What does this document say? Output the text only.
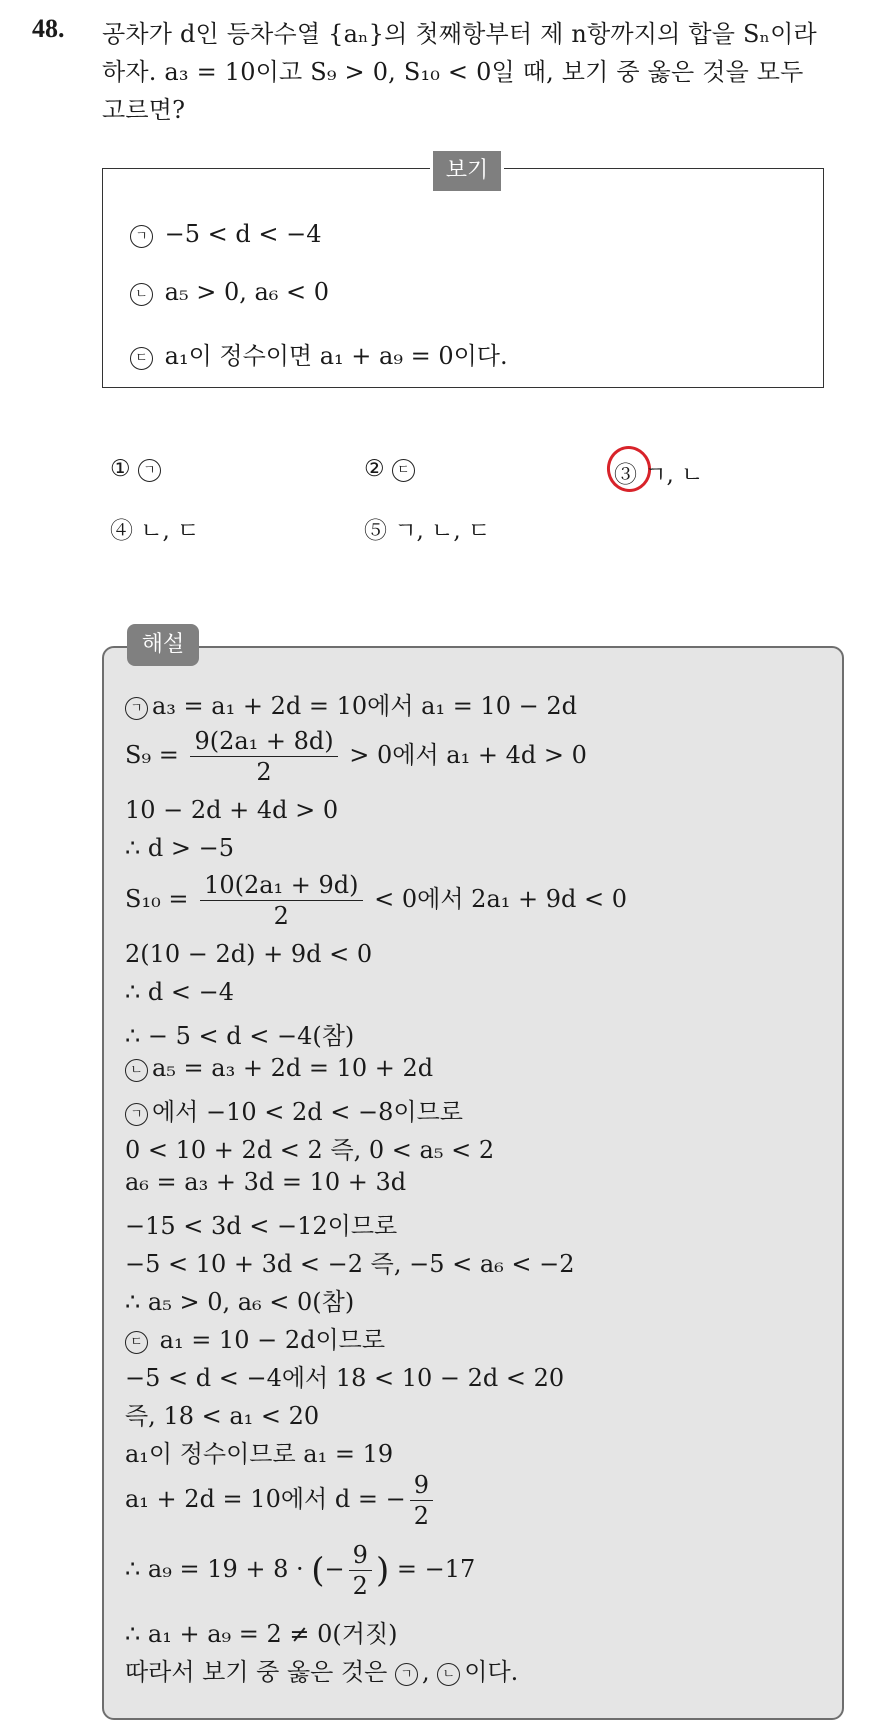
48. 공차가 d인 등차수열 {aₙ}의 첫째항부터 제 n항까지의 합을 Sₙ이라
하자. a₃ = 10이고 S₉ > 0, S₁₀ < 0일 때, 보기 중 옳은 것을 모두
고르면?
보기
ㄱ −5 < d < −4
ㄴ a₅ > 0, a₆ < 0
ㄷ a₁이 정수이면 a₁ + a₉ = 0이다.
① ㄱ	② ㄷ	③ ㄱ, ㄴ
④ ㄴ, ㄷ	⑤ ㄱ, ㄴ, ㄷ
해설
ㄱ a₃ = a₁ + 2d = 10에서 a₁ = 10 − 2d
$S_9 = \frac{\text{9(2a₁ + 8d)}}{2} > 0$에서 a₁ + 4d > 0
10 − 2d + 4d > 0
∴ d > −5
$S_{10} = \frac{\text{10(2a₁ + 9d)}}{2} < 0$에서 2a₁ + 9d < 0
2(10 − 2d) + 9d < 0
∴ d < −4
∴ − 5 < d < −4(참)
ㄴ a₅ = a₃ + 2d = 10 + 2d
ㄱ 에서 −10 < 2d < −8이므로
0 < 10 + 2d < 2 즉, 0 < a₅ < 2
a₆ = a₃ + 3d = 10 + 3d
−15 < 3d < −12이므로
−5 < 10 + 3d < −2 즉, −5 < a₆ < −2
∴ a₅ > 0, a₆ < 0(참)
ㄷ a₁ = 10 − 2d이므로
−5 < d < −4에서 18 < 10 − 2d < 20
즉, 18 < a₁ < 20
a₁이 정수이므로 a₁ = 19
a₁ + 2d = 10에서 d = − $\frac{9}{2}$
∴ a₉ = 19 + 8 · (− $\frac{9}{2}$ ) = −17
∴ a₁ + a₉ = 2 ≠ 0(거짓)
따라서 보기 중 옳은 것은 ㄱ , ㄴ 이다.
